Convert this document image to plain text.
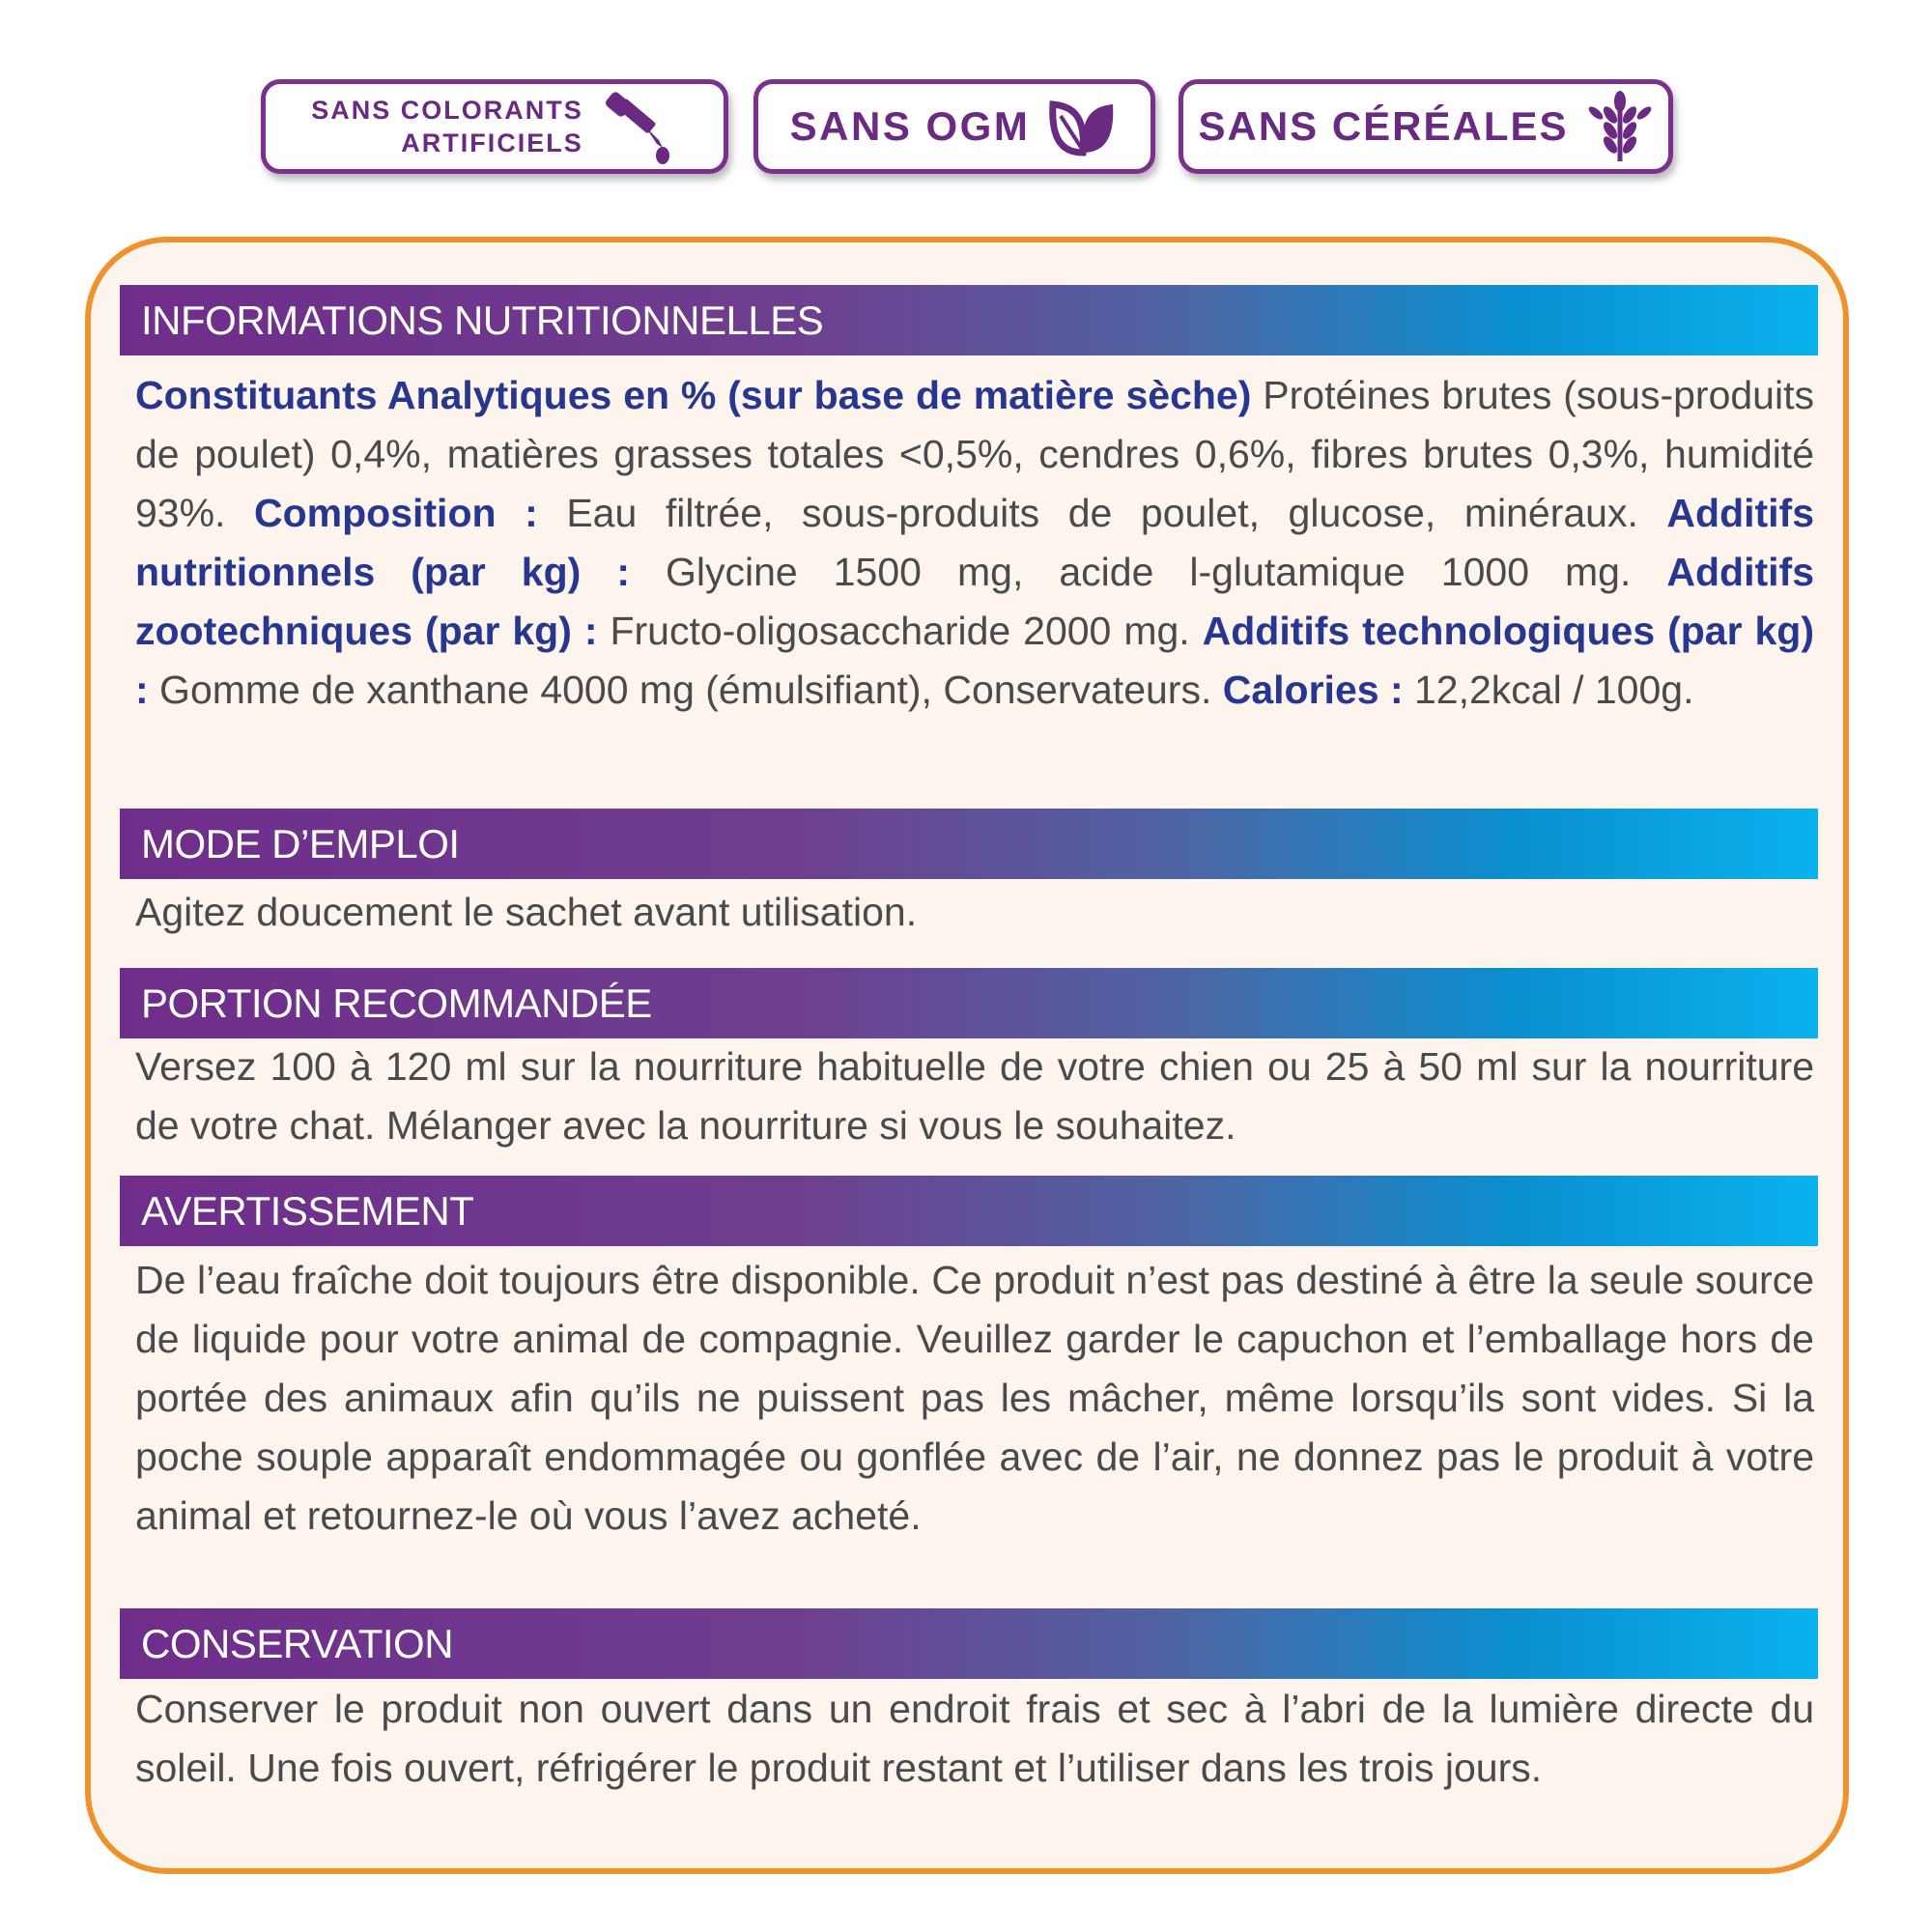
SANS COLORANTS
ARTIFICIELS	SANS OGM	SANS CÉRÉALES
INFORMATIONS NUTRITIONNELLES

Constituants Analytiques en % (sur base de matière sèche) Protéines brutes (sous-produits de poulet) 0,4%, matières grasses totales <0,5%, cendres 0,6%, fibres brutes 0,3%, humidité 93%. Composition : Eau filtrée, sous-produits de poulet, glucose, minéraux. Additifs nutritionnels (par kg) : Glycine 1500 mg, acide l-glutamique 1000 mg. Additifs zootechniques (par kg) : Fructo-oligosaccharide 2000 mg. Additifs technologiques (par kg) : Gomme de xanthane 4000 mg (émulsifiant), Conservateurs. Calories : 12,2kcal / 100g.

MODE D’EMPLOI

Agitez doucement le sachet avant utilisation.

PORTION RECOMMANDÉE

Versez 100 à 120 ml sur la nourriture habituelle de votre chien ou 25 à 50 ml sur la nourriture de votre chat. Mélanger avec la nourriture si vous le souhaitez.

AVERTISSEMENT

De l’eau fraîche doit toujours être disponible. Ce produit n’est pas destiné à être la seule source de liquide pour votre animal de compagnie. Veuillez garder le capuchon et l’emballage hors de portée des animaux afin qu’ils ne puissent pas les mâcher, même lorsqu’ils sont vides. Si la poche souple apparaît endommagée ou gonflée avec de l’air, ne donnez pas le produit à votre animal et retournez-le où vous l’avez acheté.

CONSERVATION

Conserver le produit non ouvert dans un endroit frais et sec à l’abri de la lumière directe du soleil. Une fois ouvert, réfrigérer le produit restant et l’utiliser dans les trois jours.
